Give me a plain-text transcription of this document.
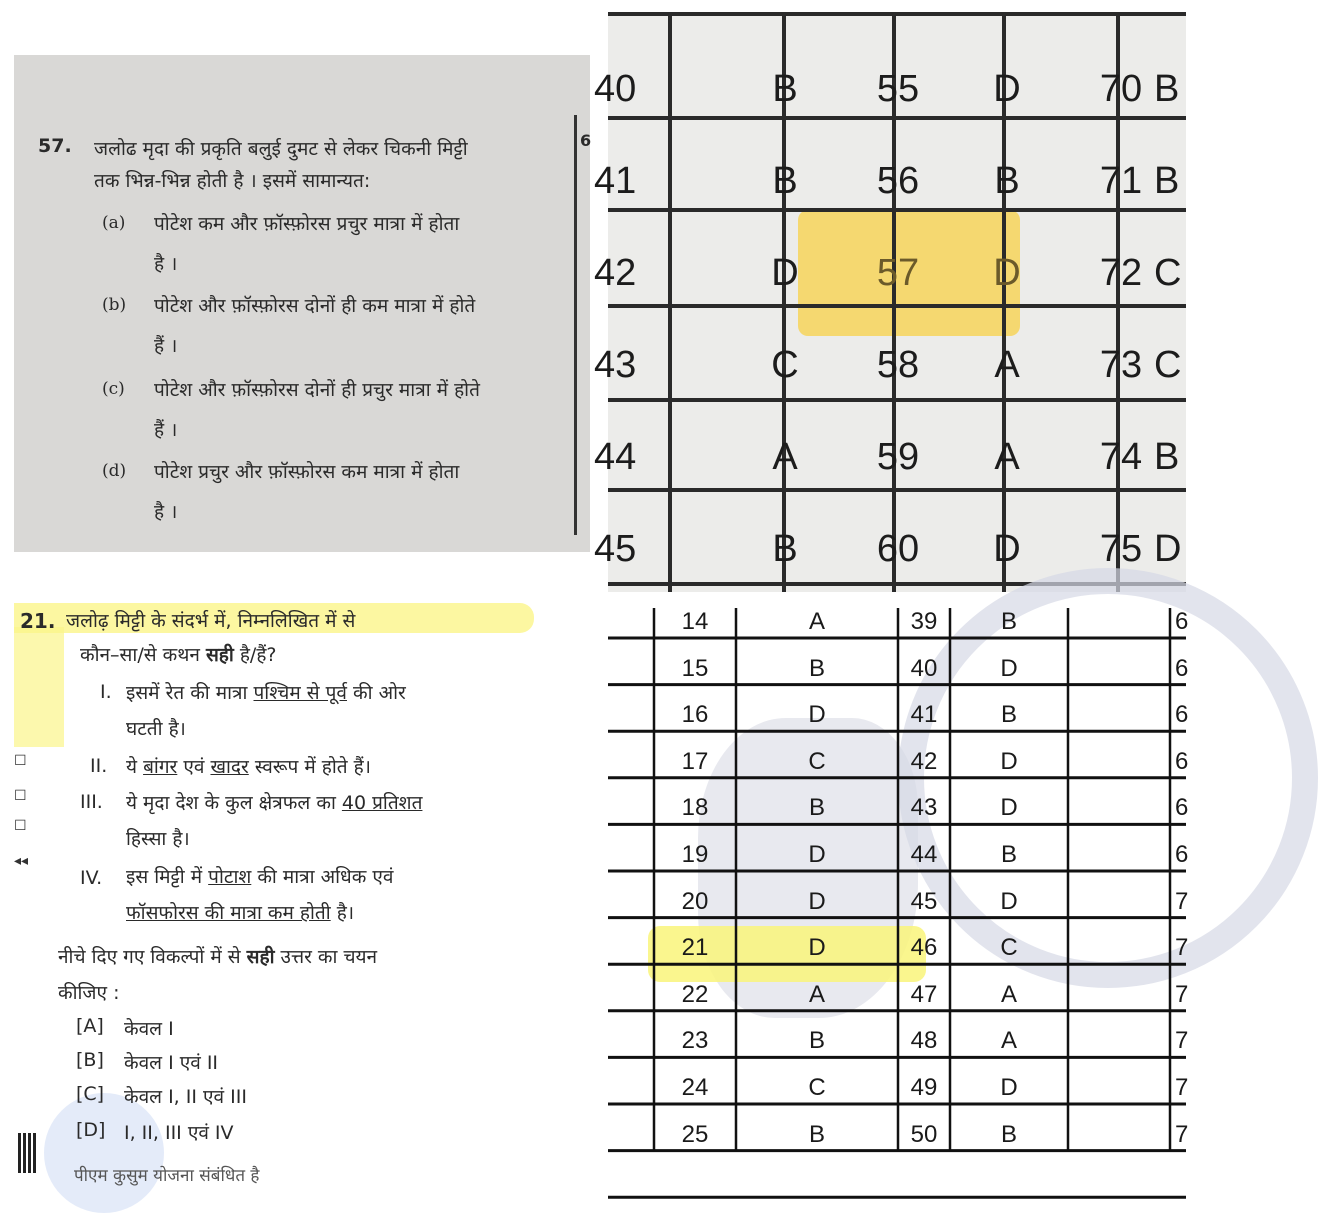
57. जलोढ मृदा की प्रकृति बलुई दुमट से लेकर चिकनी मिट्टी
तक भिन्न-भिन्न होती है । इसमें सामान्यत:
(a) पोटेश कम और फ़ॉस्फ़ोरस प्रचुर मात्रा में होता
है ।
(b) पोटेश और फ़ॉस्फ़ोरस दोनों ही कम मात्रा में होते
हैं ।
(c) पोटेश और फ़ॉस्फ़ोरस दोनों ही प्रचुर मात्रा में होते
हैं ।
(d) पोटेश प्रचुर और फ़ॉस्फ़ोरस कम मात्रा में होता
है ।
6
40	B	55	D	70 B
41	B	56	B	71 B
42	D	57	D	72 C
43	C	58	A	73 C
44	A	59	A	74 B
45	B	60	D	75 D
21. जलोढ़ मिट्टी के संदर्भ में, निम्नलिखित में से
कौन–सा/से कथन सही है/हैं?
I. इसमें रेत की मात्रा पश्चिम से पूर्व की ओर
घटती है।
II. ये बांगर एवं खादर स्वरूप में होते हैं।
III. ये मृदा देश के कुल क्षेत्रफल का 40 प्रतिशत
हिस्सा है।
IV. इस मिट्टी में पोटाश की मात्रा अधिक एवं
फॉसफोरस की मात्रा कम होती है।
नीचे दिए गए विकल्पों में से सही उत्तर का चयन
कीजिए :
[A] केवल I
[B] केवल I एवं II
[C] केवल I, II एवं III
[D] I, II, III एवं IV
पीएम कुसुम योजना संबंधित है
☐
☐
☐
◂◂
14	A	39	B	6
15	B	40	D	6
16	D	41	B	6
17	C	42	D	6
18	B	43	D	6
19	D	44	B	6
20	D	45	D	7
21	D	46	C	7
22	A	47	A	7
23	B	48	A	7
24	C	49	D	7
25	B	50	B	7
